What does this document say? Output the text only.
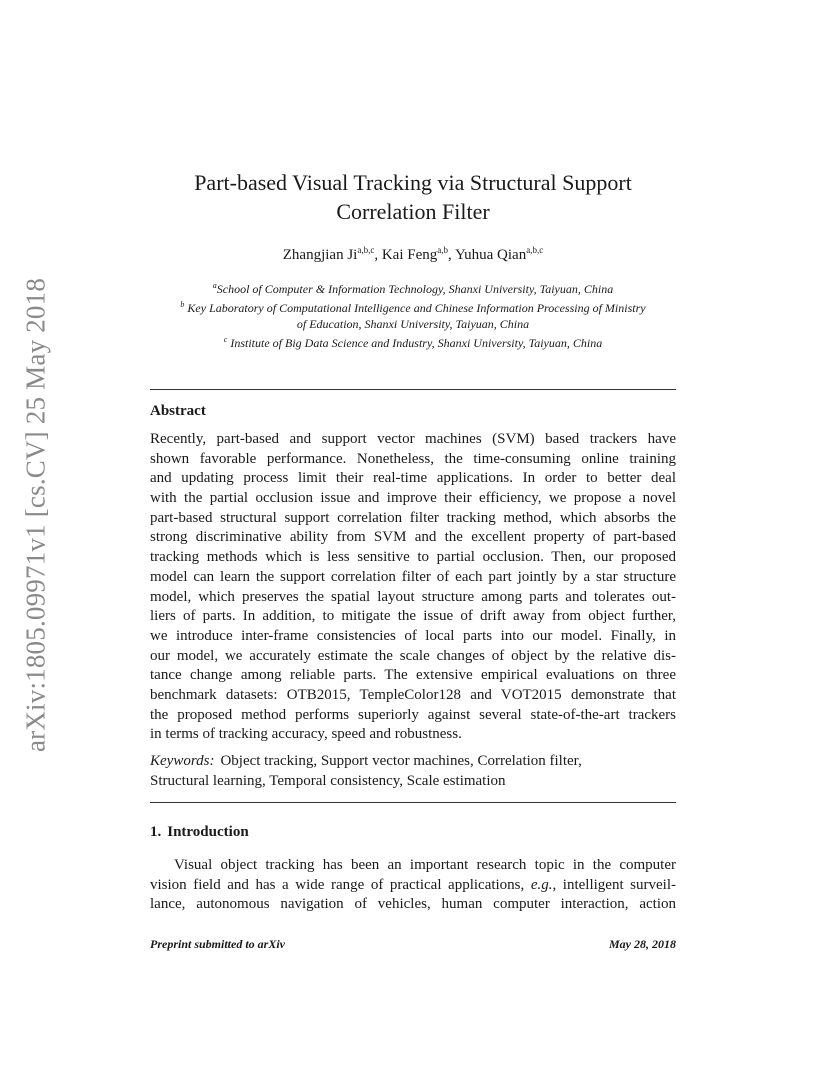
arXiv:1805.09971v1 [cs.CV] 25 May 2018
Part-based Visual Tracking via Structural Support
Correlation Filter
Zhangjian Ji$^{a,b,c}$, Kai Feng$^{a,b}$, Yuhua Qian$^{a,b,c}$
$^a$School of Computer & Information Technology, Shanxi University, Taiyuan, China
$^b$ Key Laboratory of Computational Intelligence and Chinese Information Processing of Ministry
of Education, Shanxi University, Taiyuan, China
$^c$ Institute of Big Data Science and Industry, Shanxi University, Taiyuan, China
Abstract
Recently, part-based and support vector machines (SVM) based trackers have
shown favorable performance. Nonetheless, the time-consuming online training
and updating process limit their real-time applications. In order to better deal
with the partial occlusion issue and improve their efficiency, we propose a novel
part-based structural support correlation filter tracking method, which absorbs the
strong discriminative ability from SVM and the excellent property of part-based
tracking methods which is less sensitive to partial occlusion. Then, our proposed
model can learn the support correlation filter of each part jointly by a star structure
model, which preserves the spatial layout structure among parts and tolerates out-
liers of parts. In addition, to mitigate the issue of drift away from object further,
we introduce inter-frame consistencies of local parts into our model. Finally, in
our model, we accurately estimate the scale changes of object by the relative dis-
tance change among reliable parts. The extensive empirical evaluations on three
benchmark datasets: OTB2015, TempleColor128 and VOT2015 demonstrate that
the proposed method performs superiorly against several state-of-the-art trackers
in terms of tracking accuracy, speed and robustness.
Keywords: Object tracking, Support vector machines, Correlation filter,
Structural learning, Temporal consistency, Scale estimation
1. Introduction
Visual object tracking has been an important research topic in the computer
vision field and has a wide range of practical applications, e.g., intelligent surveil-
lance, autonomous navigation of vehicles, human computer interaction, action
Preprint submitted to arXiv	May 28, 2018
